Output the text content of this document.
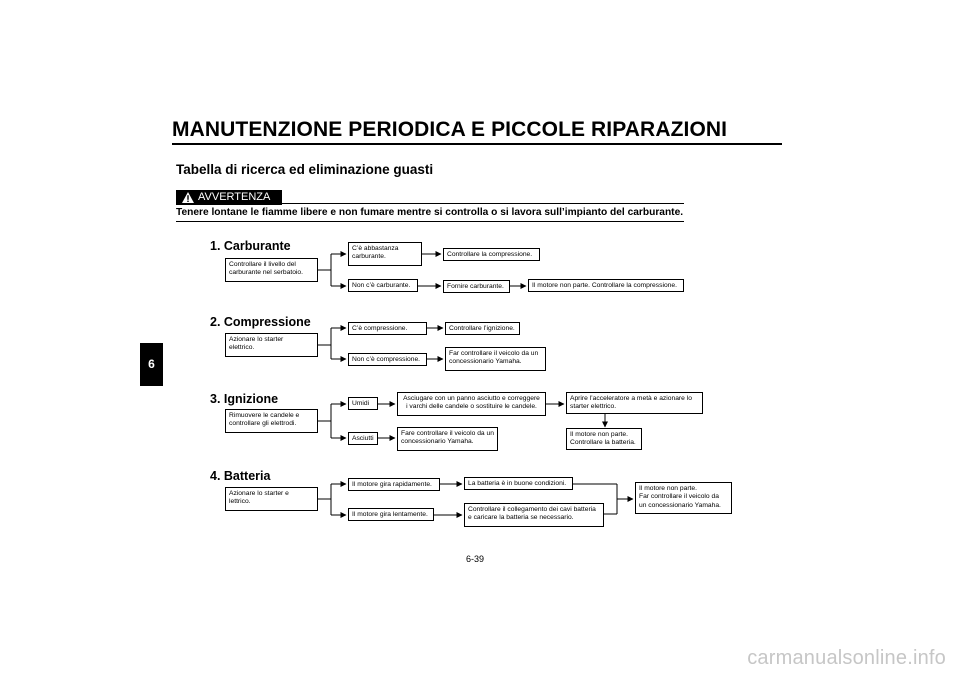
MANUTENZIONE PERIODICA E PICCOLE RIPARAZIONI
Tabella di ricerca ed eliminazione guasti
6
AVVERTENZA
Tenere lontane le fiamme libere e non fumare mentre si controlla o si lavora sull’impianto del carburante.
1. Carburante
Controllare il livello del
carburante nel serbatoio.
C’è abbastanza
carburante.	Controllare la compressione.
Non c’è carburante.	Fornire carburante.	Il motore non parte. Controllare la compressione.
2. Compressione
Azionare lo starter
elettrico.
C’è compressione.	Controllare l’ignizione.
Non c’è compressione.
Far controllare il veicolo da un
concessionario Yamaha.
3. Ignizione
Rimuovere le candele e
controllare gli elettrodi.
Umidi
Asciugare con un panno asciutto e correggere
i varchi delle candele o sostituire le candele.
Aprire l’acceleratore a metà e azionare lo
starter elettrico.
Il motore non parte.
Controllare la batteria.
Asciutti
Fare controllare il veicolo da un
concessionario Yamaha.
4. Batteria
Azionare lo starter e
lettrico.
Il motore gira rapidamente.	La batteria è in buone condizioni.
Il motore gira lentamente.
Controllare il collegamento dei cavi batteria
e caricare la batteria se necessario.
Il motore non parte.
Far controllare il veicolo da
un concessionario Yamaha.
6-39
carmanualsonline.info
